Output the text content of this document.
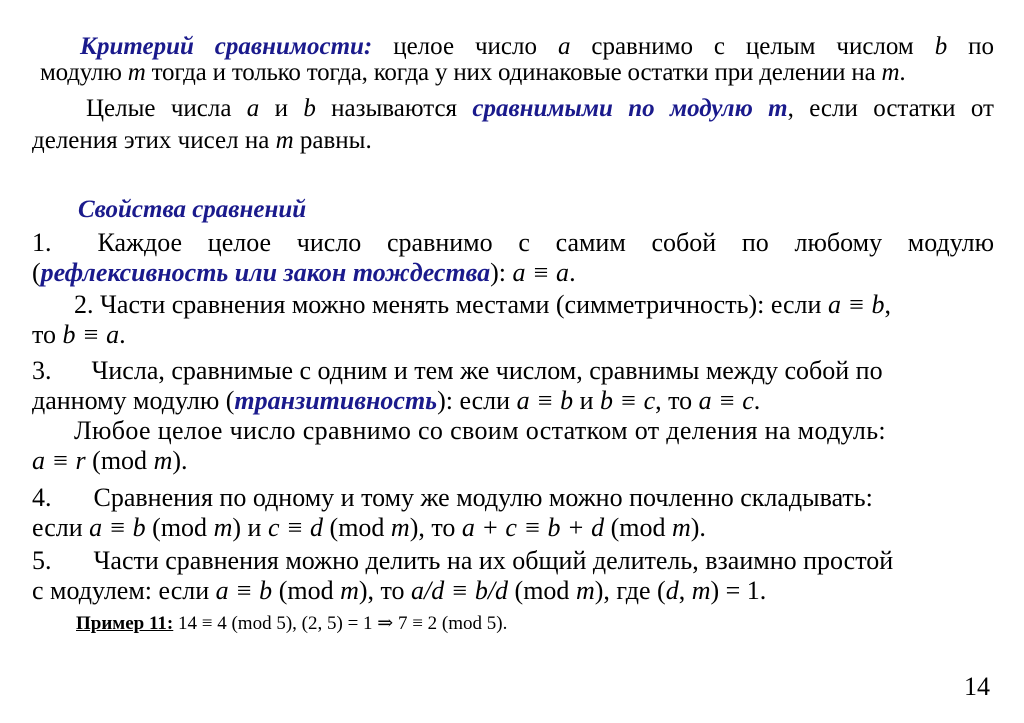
Критерий сравнимости: целое число a сравнимо с целым числом b по
модулю m тогда и только тогда, когда у них одинаковые остатки при делении на m.
Целые числа a и b называются сравнимыми по модулю m, если остатки от
деления этих чисел на m равны.
Свойства сравнений
1. Каждое целое число сравнимо с самим собой по любому модулю
(рефлексивность или закон тождества): a ≡ a.
2. Части сравнения можно менять местами (симметричность): если a ≡ b,
то b ≡ a.
3. Числа, сравнимые с одним и тем же числом, сравнимы между собой по
данному модулю (транзитивность): если a ≡ b и b ≡ c, то a ≡ c.
Любое целое число сравнимо со своим остатком от деления на модуль:
a ≡ r (mod m).
4. Сравнения по одному и тому же модулю можно почленно складывать:
если a ≡ b (mod m) и c ≡ d (mod m), то a + c ≡ b + d (mod m).
5. Части сравнения можно делить на их общий делитель, взаимно простой
с модулем: если a ≡ b (mod m), то a/d ≡ b/d (mod m), где (d, m) = 1.
Пример 11: 14 ≡ 4 (mod 5), (2, 5) = 1 ⇒ 7 ≡ 2 (mod 5).
14
